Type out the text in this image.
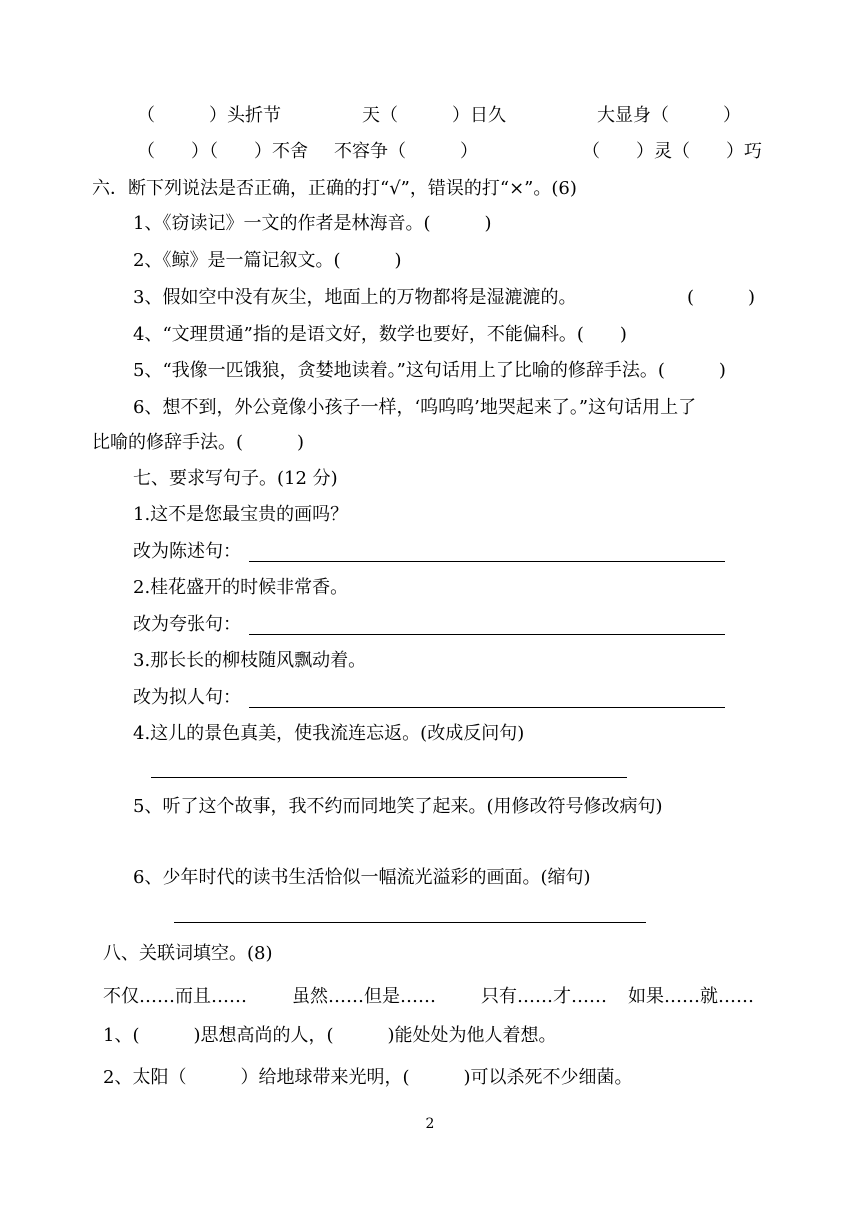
（　　　）头折节	天（　　　）日久	大显身（　　　）
（　　）（　　）不舍 不容争（　　　）	（　　）灵（　　）巧
六．断下列说法是否正确，正确的打“√”，错误的打“×”。(6)
1、《窃读记》一文的作者是林海音。(　　　)
2、《鲸》是一篇记叙文。(　　　)
3、假如空中没有灰尘，地面上的万物都将是湿漉漉的。	(　　　)
4、“文理贯通”指的是语文好，数学也要好，不能偏科。(　　)
5、“我像一匹饿狼，贪婪地读着。”这句话用上了比喻的修辞手法。(　　　)
6、想不到，外公竟像小孩子一样，‘呜呜呜’地哭起来了。”这句话用上了
比喻的修辞手法。(　　　)
七、要求写句子。(12 分)
1.这不是您最宝贵的画吗？
改为陈述句：
2.桂花盛开的时候非常香。
改为夸张句：
3.那长长的柳枝随风飘动着。
改为拟人句：
4.这儿的景色真美，使我流连忘返。(改成反问句)
5、听了这个故事，我不约而同地笑了起来。(用修改符号修改病句)
6、少年时代的读书生活恰似一幅流光溢彩的画面。(缩句)
八、关联词填空。(8)
不仅……而且……	虽然……但是……	只有……才…… 如果……就……
1、(　　　)思想高尚的人，(　　　)能处处为他人着想。
2、太阳（　　　）给地球带来光明，(　　　)可以杀死不少细菌。
2
